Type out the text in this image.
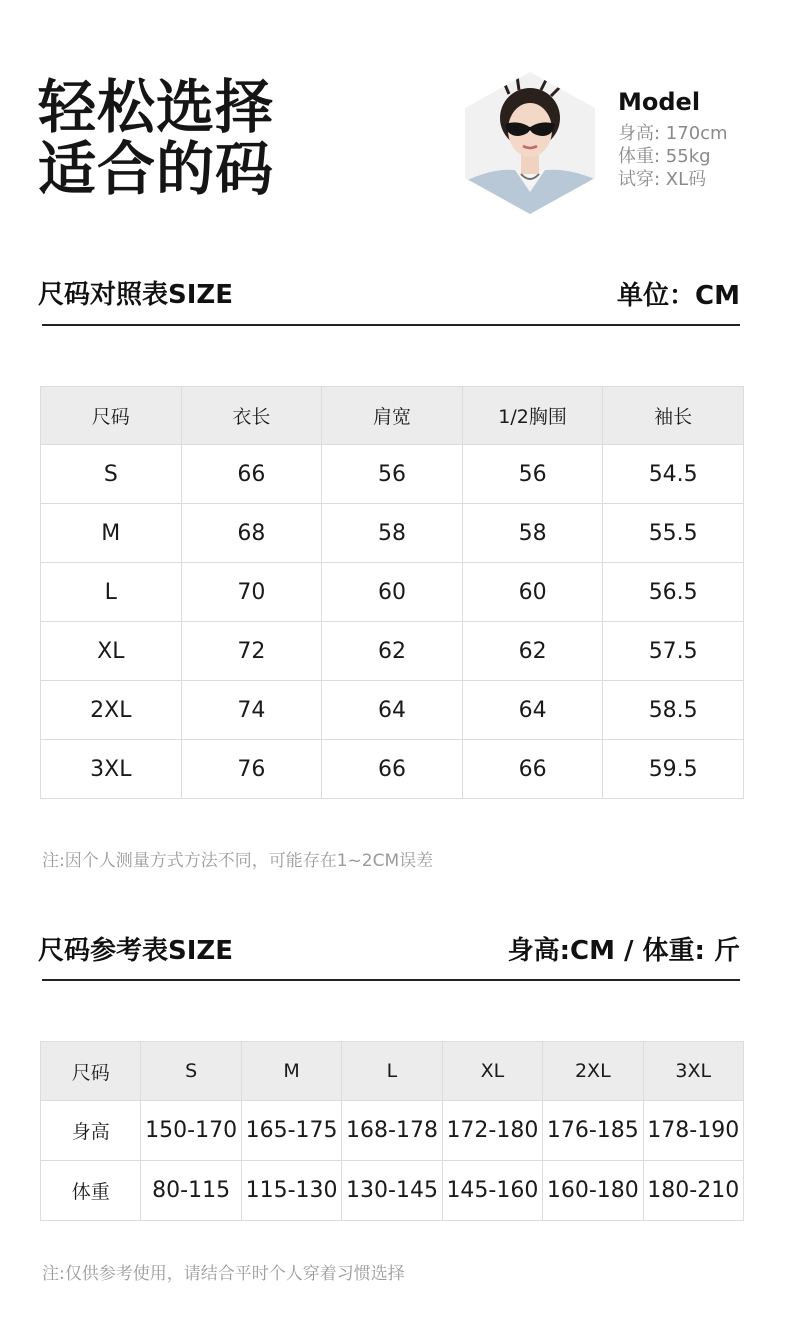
轻松选择
适合的码
Model
身高: 170cm
体重: 55kg
试穿: XL码
尺码对照表SIZE	单位：CM
尺码	衣长	肩宽	1/2胸围	袖长
S	66	56	56	54.5
M	68	58	58	55.5
L	70	60	60	56.5
XL	72	62	62	57.5
2XL	74	64	64	58.5
3XL	76	66	66	59.5
注:因个人测量方式方法不同，可能存在1~2CM误差
尺码参考表SIZE	身高:CM / 体重: 斤
尺码	S	M	L	XL	2XL	3XL
身高	150-170	165-175	168-178	172-180	176-185	178-190
体重	80-115	115-130	130-145	145-160	160-180	180-210
注:仅供参考使用，请结合平时个人穿着习惯选择
